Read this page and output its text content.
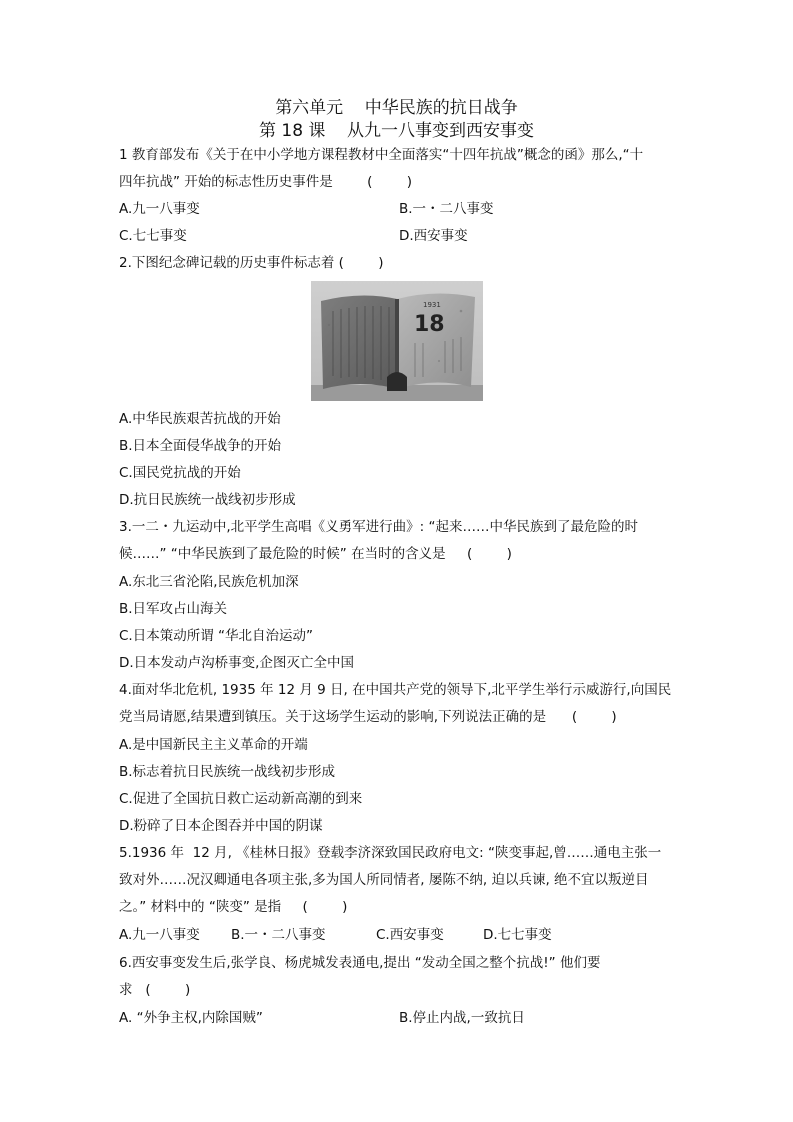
第六单元    中华民族的抗日战争
第 18 课    从九一八事变到西安事变
1 教育部发布《关于在中小学地方课程教材中全面落实“十四年抗战”概念的函》那么,“十
四年抗战” 开始的标志性历史事件是        (        )
A.九一八事变	B.一・二八事变
C.七七事变	D.西安事变
2.下图纪念碑记载的历史事件标志着 (        )
1931
18
A.中华民族艰苦抗战的开始
B.日本全面侵华战争的开始
C.国民党抗战的开始
D.抗日民族统一战线初步形成
3.一二・九运动中,北平学生高唱《义勇军进行曲》: “起来……中华民族到了最危险的时
候……” “中华民族到了最危险的时候” 在当时的含义是     (        )
A.东北三省沦陷,民族危机加深
B.日军攻占山海关
C.日本策动所谓 “华北自治运动”
D.日本发动卢沟桥事变,企图灭亡全中国
4.面对华北危机, 1935 年 12 月 9 日, 在中国共产党的领导下,北平学生举行示威游行,向国民
党当局请愿,结果遭到镇压。关于这场学生运动的影响,下列说法正确的是      (        )
A.是中国新民主主义革命的开端
B.标志着抗日民族统一战线初步形成
C.促进了全国抗日救亡运动新高潮的到来
D.粉碎了日本企图吞并中国的阴谋
5.1936 年  12 月, 《桂林日报》登载李济深致国民政府电文: “陕变事起,曾……通电主张一
致对外……况汉卿通电各项主张,多为国人所同情者, 屡陈不纳, 迫以兵谏, 绝不宜以叛逆目
之。” 材料中的 “陕变” 是指     (        )
A.九一八事变 B.一・二八事变	C.西安事变	D.七七事变
6.西安事变发生后,张学良、杨虎城发表通电,提出 “发动全国之整个抗战!” 他们要
求   (        )
A. “外争主权,内除国贼”	B.停止内战,一致抗日
